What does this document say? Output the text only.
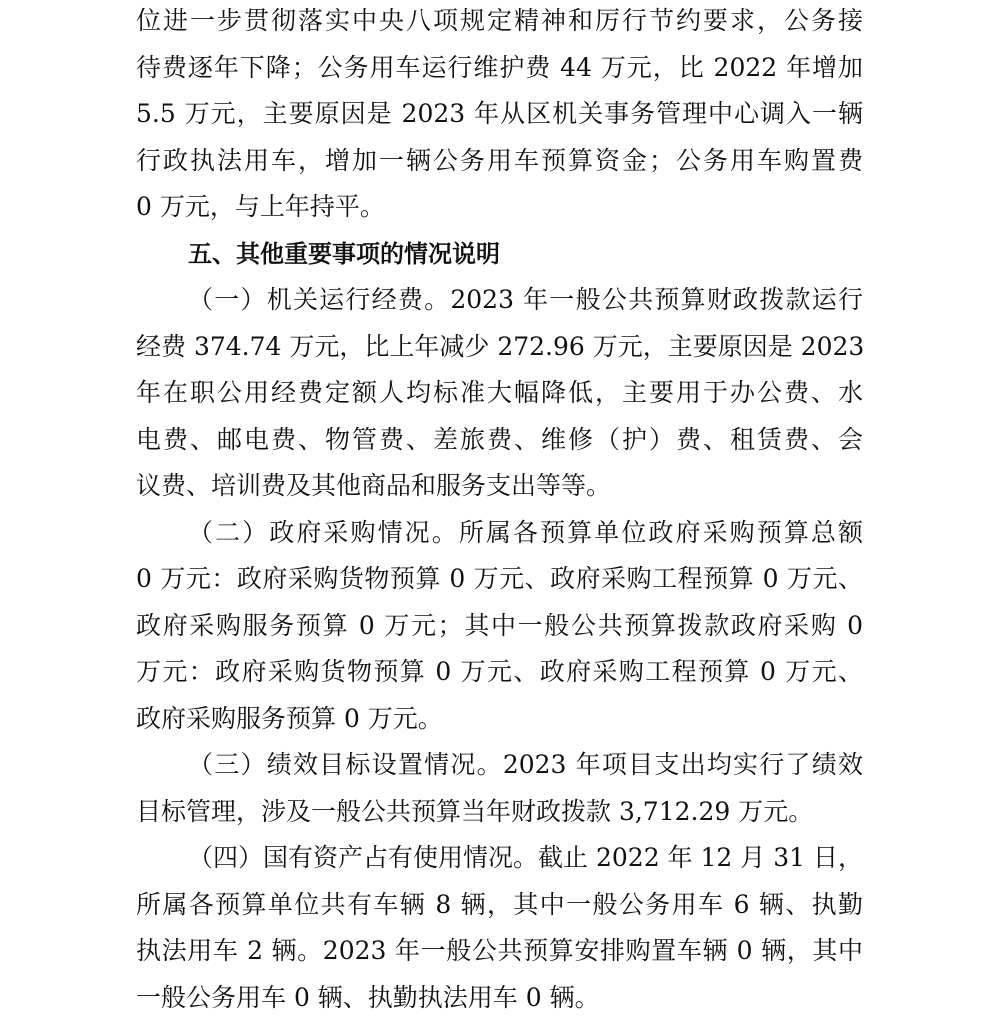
位进一步贯彻落实中央八项规定精神和厉行节约要求，公务接
待费逐年下降；公务用车运行维护费 44 万元，比 2022 年增加
5.5 万元，主要原因是 2023 年从区机关事务管理中心调入一辆
行政执法用车，增加一辆公务用车预算资金；公务用车购置费
0 万元，与上年持平。
五、其他重要事项的情况说明
（一）机关运行经费。2023 年一般公共预算财政拨款运行
经费 374.74 万元，比上年减少 272.96 万元，主要原因是 2023
年在职公用经费定额人均标准大幅降低，主要用于办公费、水
电费、邮电费、物管费、差旅费、维修（护）费、租赁费、会
议费、培训费及其他商品和服务支出等等。
（二）政府采购情况。所属各预算单位政府采购预算总额
0 万元：政府采购货物预算 0 万元、政府采购工程预算 0 万元、
政府采购服务预算 0 万元；其中一般公共预算拨款政府采购 0
万元：政府采购货物预算 0 万元、政府采购工程预算 0 万元、
政府采购服务预算 0 万元。
（三）绩效目标设置情况。2023 年项目支出均实行了绩效
目标管理，涉及一般公共预算当年财政拨款 3,712.29 万元。
（四）国有资产占有使用情况。截止 2022 年 12 月 31 日，
所属各预算单位共有车辆 8 辆，其中一般公务用车 6 辆、执勤
执法用车 2 辆。2023 年一般公共预算安排购置车辆 0 辆，其中
一般公务用车 0 辆、执勤执法用车 0 辆。
